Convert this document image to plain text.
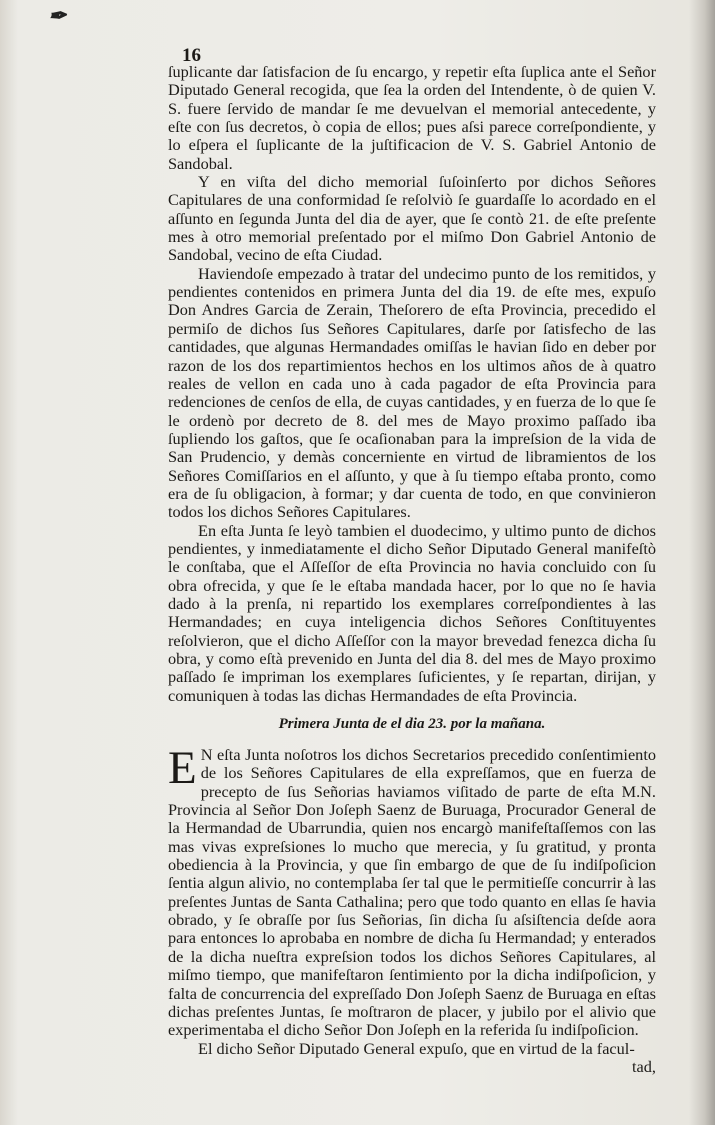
✒︎
16

ſuplicante dar ſatisfacion de ſu encargo, y repetir eſta ſuplica ante el Señor Diputado General recogida, que ſea la orden del Intendente, ò de quien V. S. fuere ſervido de mandar ſe me devuelvan el memorial antecedente, y eſte con ſus decretos, ò copia de ellos; pues aſsi parece correſpondiente, y lo eſpera el ſuplicante de la juſtificacion de V. S. Gabriel Antonio de Sandobal.

Y en viſta del dicho memorial ſuſoinſerto por dichos Señores Capitulares de una conformidad ſe reſolviò ſe guardaſſe lo acordado en el aſſunto en ſegunda Junta del dia de ayer, que ſe contò 21. de eſte preſente mes à otro memorial preſentado por el miſmo Don Gabriel Antonio de Sandobal, vecino de eſta Ciudad.

Haviendoſe empezado à tratar del undecimo punto de los remitidos, y pendientes contenidos en primera Junta del dia 19. de eſte mes, expuſo Don Andres Garcia de Zerain, Theſorero de eſta Provincia, precedido el permiſo de dichos ſus Señores Capitulares, darſe por ſatisfecho de las cantidades, que algunas Hermandades omiſſas le havian ſido en deber por razon de los dos repartimientos hechos en los ultimos años de à quatro reales de vellon en cada uno à cada pagador de eſta Provincia para redenciones de cenſos de ella, de cuyas cantidades, y en fuerza de lo que ſe le ordenò por decreto de 8. del mes de Mayo proximo paſſado iba ſupliendo los gaſtos, que ſe ocaſionaban para la impreſsion de la vida de San Prudencio, y demàs concerniente en virtud de libramientos de los Señores Comiſſarios en el aſſunto, y que à ſu tiempo eſtaba pronto, como era de ſu obligacion, à formar; y dar cuenta de todo, en que convinieron todos los dichos Señores Capitulares.

En eſta Junta ſe leyò tambien el duodecimo, y ultimo punto de dichos pendientes, y inmediatamente el dicho Señor Diputado General manifeſtò le conſtaba, que el Aſſeſſor de eſta Provincia no havia concluido con ſu obra ofrecida, y que ſe le eſtaba mandada hacer, por lo que no ſe havia dado à la prenſa, ni repartido los exemplares correſpondientes à las Hermandades; en cuya inteligencia dichos Señores Conſtituyentes reſolvieron, que el dicho Aſſeſſor con la mayor brevedad fenezca dicha ſu obra, y como eſtà prevenido en Junta del dia 8. del mes de Mayo proximo paſſado ſe impriman los exemplares ſuficientes, y ſe repartan, dirijan, y comuniquen à todas las dichas Hermandades de eſta Provincia.

Primera Junta de el dia 23. por la mañana.

E N eſta Junta noſotros los dichos Secretarios precedido conſentimiento de los Señores Capitulares de ella expreſſamos, que en fuerza de precepto de ſus Señorias haviamos viſitado de parte de eſta M.N. Provincia al Señor Don Joſeph Saenz de Buruaga, Procurador General de la Hermandad de Ubarrundia, quien nos encargò manifeſtaſſemos con las mas vivas expreſsiones lo mucho que merecia, y ſu gratitud, y pronta obediencia à la Provincia, y que ſin embargo de que de ſu indiſpoſicion ſentia algun alivio, no contemplaba ſer tal que le permitieſſe concurrir à las preſentes Juntas de Santa Cathalina; pero que todo quanto en ellas ſe havia obrado, y ſe obraſſe por ſus Señorias, ſin dicha ſu aſsiſtencia deſde aora para entonces lo aprobaba en nombre de dicha ſu Hermandad; y enterados de la dicha nueſtra expreſsion todos los dichos Señores Capitulares, al miſmo tiempo, que manifeſtaron ſentimiento por la dicha indiſpoſicion, y falta de concurrencia del expreſſado Don Joſeph Saenz de Buruaga en eſtas dichas preſentes Juntas, ſe moſtraron de placer, y jubilo por el alivio que experimentaba el dicho Señor Don Joſeph en la referida ſu indiſpoſicion.

El dicho Señor Diputado General expuſo, que en virtud de la facul-

tad,
